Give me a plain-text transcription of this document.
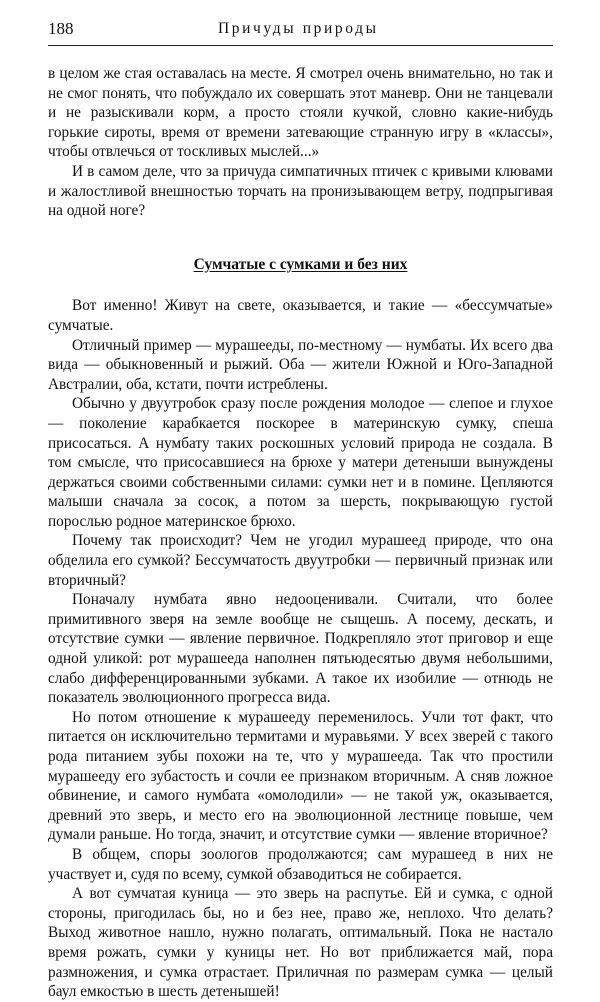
188	Причуды природы

в целом же стая оставалась на месте. Я смотрел очень внимательно, но так и не смог понять, что побуждало их совершать этот маневр. Они не танцевали и не разыскивали корм, а просто стояли кучкой, словно какие-нибудь горькие сироты, время от времени затевающие странную игру в «классы», чтобы отвлечься от тоскливых мыслей...»

И в самом деле, что за причуда симпатичных птичек с кривыми клювами и жалостливой внешностью торчать на пронизывающем ветру, подпрыгивая на одной ноге?

Сумчатые с сумками и без них

Вот именно! Живут на свете, оказывается, и такие — «бессумчатые» сумчатые.

Отличный пример — мурашееды, по-местному — нумбаты. Их всего два вида — обыкновенный и рыжий. Оба — жители Южной и Юго-Западной Австралии, оба, кстати, почти истреблены.

Обычно у двуутробок сразу после рождения молодое — слепое и глухое — поколение карабкается поскорее в материнскую сумку, спеша присосаться. А нумбату таких роскошных условий природа не создала. В том смысле, что присосавшиеся на брюхе у матери детеныши вынуждены держаться своими собственными силами: сумки нет и в помине. Цепляются малыши сначала за сосок, а потом за шерсть, покрывающую густой порослью родное материнское брюхо.

Почему так происходит? Чем не угодил мурашеед природе, что она обделила его сумкой? Бессумчатость двуутробки — первичный признак или вторичный?

Поначалу нумбата явно недооценивали. Считали, что более примитивного зверя на земле вообще не сыщешь. А посему, дескать, и отсутствие сумки — явление первичное. Подкрепляло этот приговор и еще одной уликой: рот мурашееда наполнен пятьюдесятью двумя небольшими, слабо дифференцированными зубками. А такое их изобилие — отнюдь не показатель эволюционного прогресса вида.

Но потом отношение к мурашееду переменилось. Учли тот факт, что питается он исключительно термитами и муравьями. У всех зверей с такого рода питанием зубы похожи на те, что у мурашееда. Так что простили мурашееду его зубастость и сочли ее признаком вторичным. А сняв ложное обвинение, и самого нумбата «омолодили» — не такой уж, оказывается, древний это зверь, и место его на эволюционной лестнице повыше, чем думали раньше. Но тогда, значит, и отсутствие сумки — явление вторичное?

В общем, споры зоологов продолжаются; сам мурашеед в них не участвует и, судя по всему, сумкой обзаводиться не собирается.

А вот сумчатая куница — это зверь на распутье. Ей и сумка, с одной стороны, пригодилась бы, но и без нее, право же, неплохо. Что делать? Выход животное нашло, нужно полагать, оптимальный. Пока не настало время рожать, сумки у куницы нет. Но вот приближается май, пора размножения, и сумка отрастает. Приличная по размерам сумка — целый баул емкостью в шесть детенышей!
